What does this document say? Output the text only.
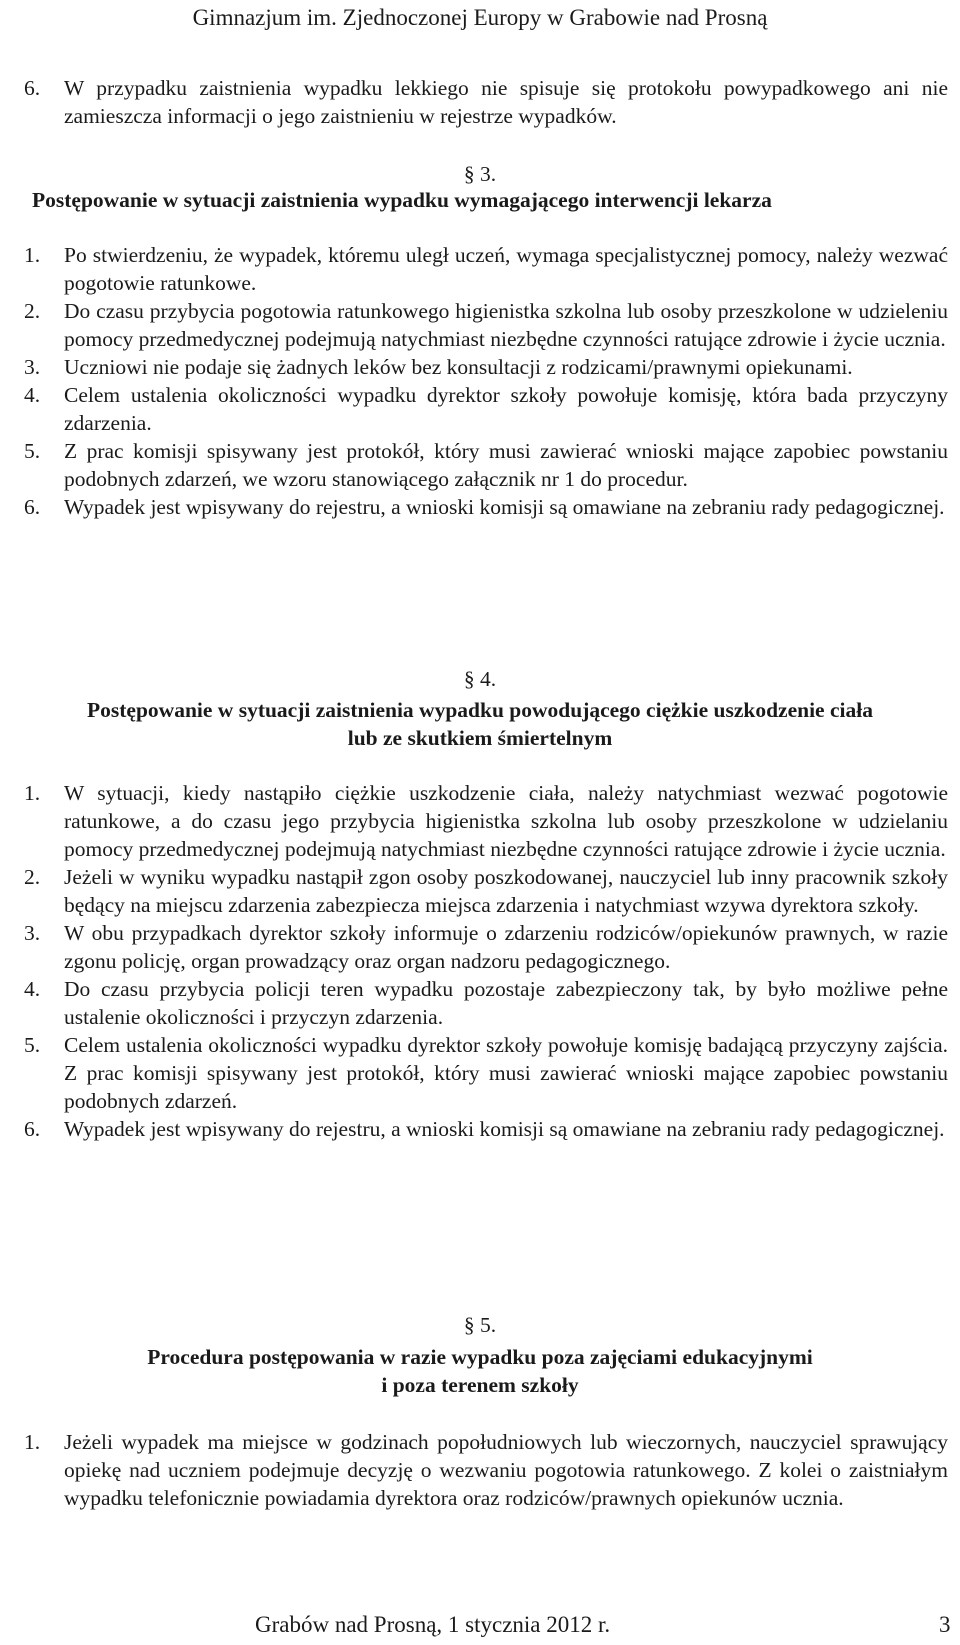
Gimnazjum im. Zjednoczonej Europy w Grabowie nad Prosną
6.	W przypadku zaistnienia wypadku lekkiego nie spisuje się protokołu powypadkowego ani nie zamieszcza informacji o jego zaistnieniu w rejestrze wypadków.
§ 3.
Postępowanie w sytuacji zaistnienia wypadku wymagającego interwencji lekarza
1.	Po stwierdzeniu, że wypadek, któremu uległ uczeń, wymaga specjalistycznej pomocy, należy wezwać pogotowie ratunkowe.
2.	Do czasu przybycia pogotowia ratunkowego higienistka szkolna lub osoby przeszkolone w udzieleniu pomocy przedmedycznej podejmują natychmiast niezbędne czynności ratujące zdrowie i życie ucznia.
3.	Uczniowi nie podaje się żadnych leków bez konsultacji z rodzicami/prawnymi opiekunami.
4.	Celem ustalenia okoliczności wypadku dyrektor szkoły powołuje komisję, która bada przyczyny zdarzenia.
5.	Z prac komisji spisywany jest protokół, który musi zawierać wnioski mające zapobiec powstaniu podobnych zdarzeń, we wzoru stanowiącego załącznik nr 1 do procedur.
6.	Wypadek jest wpisywany do rejestru, a wnioski komisji są omawiane na zebraniu rady pedagogicznej.
§ 4.
Postępowanie w sytuacji zaistnienia wypadku powodującego ciężkie uszkodzenie ciała
lub ze skutkiem śmiertelnym
1.	W sytuacji, kiedy nastąpiło ciężkie uszkodzenie ciała, należy natychmiast wezwać pogotowie ratunkowe, a do czasu jego przybycia higienistka szkolna lub osoby przeszkolone w udzielaniu pomocy przedmedycznej podejmują natychmiast niezbędne czynności ratujące zdrowie i życie ucznia.
2.	Jeżeli w wyniku wypadku nastąpił zgon osoby poszkodowanej, nauczyciel lub inny pracownik szkoły będący na miejscu zdarzenia zabezpiecza miejsca zdarzenia i natychmiast wzywa dyrektora szkoły.
3.	W obu przypadkach dyrektor szkoły informuje o zdarzeniu rodziców/opiekunów prawnych, w razie zgonu policję, organ prowadzący oraz organ nadzoru pedagogicznego.
4.	Do czasu przybycia policji teren wypadku pozostaje zabezpieczony tak, by było możliwe pełne ustalenie okoliczności i przyczyn zdarzenia.
5.	Celem ustalenia okoliczności wypadku dyrektor szkoły powołuje komisję badającą przyczyny zajścia. Z prac komisji spisywany jest protokół, który musi zawierać wnioski mające zapobiec powstaniu podobnych zdarzeń.
6.	Wypadek jest wpisywany do rejestru, a wnioski komisji są omawiane na zebraniu rady pedagogicznej.
§ 5.
Procedura postępowania w razie wypadku poza zajęciami edukacyjnymi
i poza terenem szkoły
1.	Jeżeli wypadek ma miejsce w godzinach popołudniowych lub wieczornych, nauczyciel sprawujący opiekę nad uczniem podejmuje decyzję o wezwaniu pogotowia ratunkowego. Z kolei o zaistniałym wypadku telefonicznie powiadamia dyrektora oraz rodziców/prawnych opiekunów ucznia.
Grabów nad Prosną, 1 stycznia 2012 r.	3
